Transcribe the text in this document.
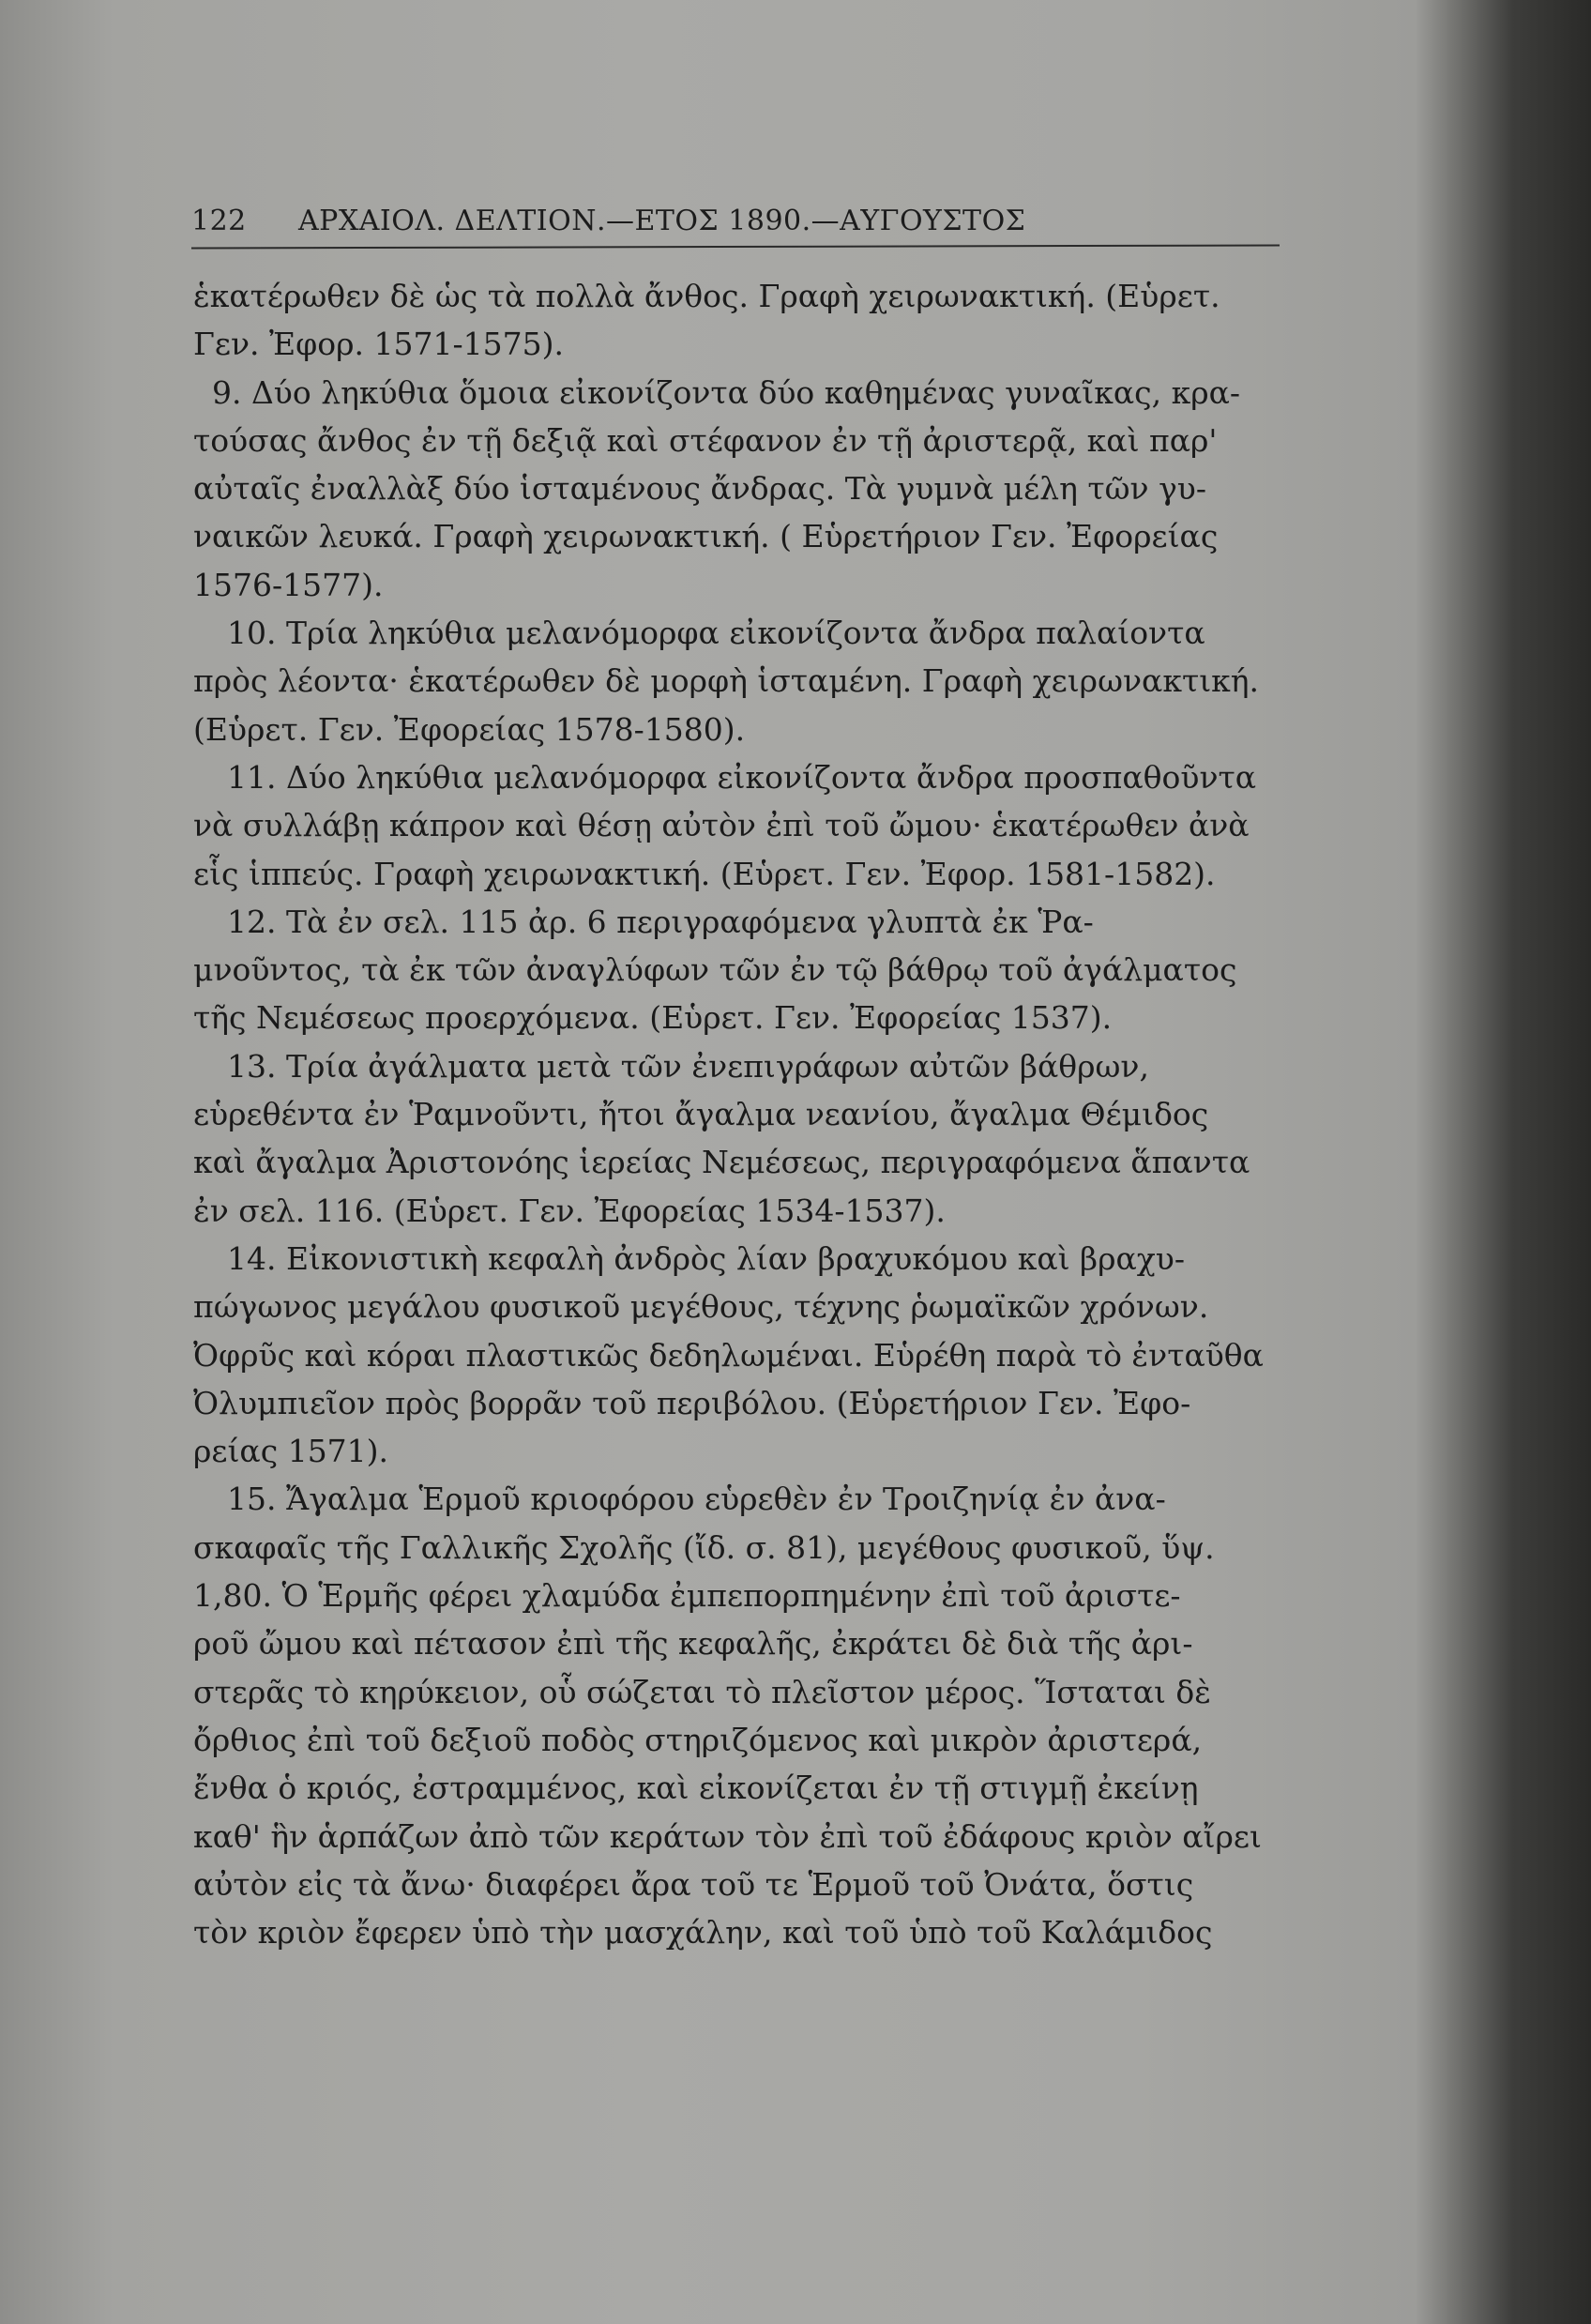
122 ΑΡΧΑΙΟΛ. ΔΕΛΤΙΟΝ.—ΕΤΟΣ 1890.—ΑΥΓΟΥΣΤΟΣ
ἑκατέρωθεν δὲ ὡς τὰ πολλὰ ἄνθος. Γραφὴ χειρωνακτική. (Εὑρετ.
Γεν. Ἐφορ. 1571-1575).
9. Δύο ληκύθια ὅμοια εἰκονίζοντα δύο καθημένας γυναῖκας, κρα-
τούσας ἄνθος ἐν τῇ δεξιᾷ καὶ στέφανον ἐν τῇ ἀριστερᾷ, καὶ παρ'
αὐταῖς ἐναλλὰξ δύο ἱσταμένους ἄνδρας. Τὰ γυμνὰ μέλη τῶν γυ-
ναικῶν λευκά. Γραφὴ χειρωνακτική. ( Εὑρετήριον Γεν. Ἐφορείας
1576-1577).
10. Τρία ληκύθια μελανόμορφα εἰκονίζοντα ἄνδρα παλαίοντα
πρὸς λέοντα· ἑκατέρωθεν δὲ μορφὴ ἱσταμένη. Γραφὴ χειρωνακτική.
(Εὑρετ. Γεν. Ἐφορείας 1578-1580).
11. Δύο ληκύθια μελανόμορφα εἰκονίζοντα ἄνδρα προσπαθοῦντα
νὰ συλλάβῃ κάπρον καὶ θέσῃ αὐτὸν ἐπὶ τοῦ ὤμου· ἑκατέρωθεν ἀνὰ
εἷς ἱππεύς. Γραφὴ χειρωνακτική. (Εὑρετ. Γεν. Ἐφορ. 1581-1582).
12. Τὰ ἐν σελ. 115 ἀρ. 6 περιγραφόμενα γλυπτὰ ἐκ Ῥα-
μνοῦντος, τὰ ἐκ τῶν ἀναγλύφων τῶν ἐν τῷ βάθρῳ τοῦ ἀγάλματος
τῆς Νεμέσεως προερχόμενα. (Εὑρετ. Γεν. Ἐφορείας 1537).
13. Τρία ἀγάλματα μετὰ τῶν ἐνεπιγράφων αὐτῶν βάθρων,
εὑρεθέντα ἐν Ῥαμνοῦντι, ἤτοι ἄγαλμα νεανίου, ἄγαλμα Θέμιδος
καὶ ἄγαλμα Ἀριστονόης ἱερείας Νεμέσεως, περιγραφόμενα ἅπαντα
ἐν σελ. 116. (Εὑρετ. Γεν. Ἐφορείας 1534-1537).
14. Εἰκονιστικὴ κεφαλὴ ἀνδρὸς λίαν βραχυκόμου καὶ βραχυ-
πώγωνος μεγάλου φυσικοῦ μεγέθους, τέχνης ῥωμαϊκῶν χρόνων.
Ὀφρῦς καὶ κόραι πλαστικῶς δεδηλωμέναι. Εὑρέθη παρὰ τὸ ἐνταῦθα
Ὀλυμπιεῖον πρὸς βορρᾶν τοῦ περιβόλου. (Εὑρετήριον Γεν. Ἐφο-
ρείας 1571).
15. Ἄγαλμα Ἑρμοῦ κριοφόρου εὑρεθὲν ἐν Τροιζηνίᾳ ἐν ἀνα-
σκαφαῖς τῆς Γαλλικῆς Σχολῆς (ἴδ. σ. 81), μεγέθους φυσικοῦ, ὕψ.
1,80. Ὁ Ἑρμῆς φέρει χλαμύδα ἐμπεπορπημένην ἐπὶ τοῦ ἀριστε-
ροῦ ὤμου καὶ πέτασον ἐπὶ τῆς κεφαλῆς, ἐκράτει δὲ διὰ τῆς ἀρι-
στερᾶς τὸ κηρύκειον, οὗ σώζεται τὸ πλεῖστον μέρος. Ἵσταται δὲ
ὄρθιος ἐπὶ τοῦ δεξιοῦ ποδὸς στηριζόμενος καὶ μικρὸν ἀριστερά,
ἔνθα ὁ κριός, ἐστραμμένος, καὶ εἰκονίζεται ἐν τῇ στιγμῇ ἐκείνῃ
καθ' ἣν ἁρπάζων ἀπὸ τῶν κεράτων τὸν ἐπὶ τοῦ ἐδάφους κριὸν αἴρει
αὐτὸν εἰς τὰ ἄνω· διαφέρει ἄρα τοῦ τε Ἑρμοῦ τοῦ Ὀνάτα, ὅστις
τὸν κριὸν ἔφερεν ὑπὸ τὴν μασχάλην, καὶ τοῦ ὑπὸ τοῦ Καλάμιδος
